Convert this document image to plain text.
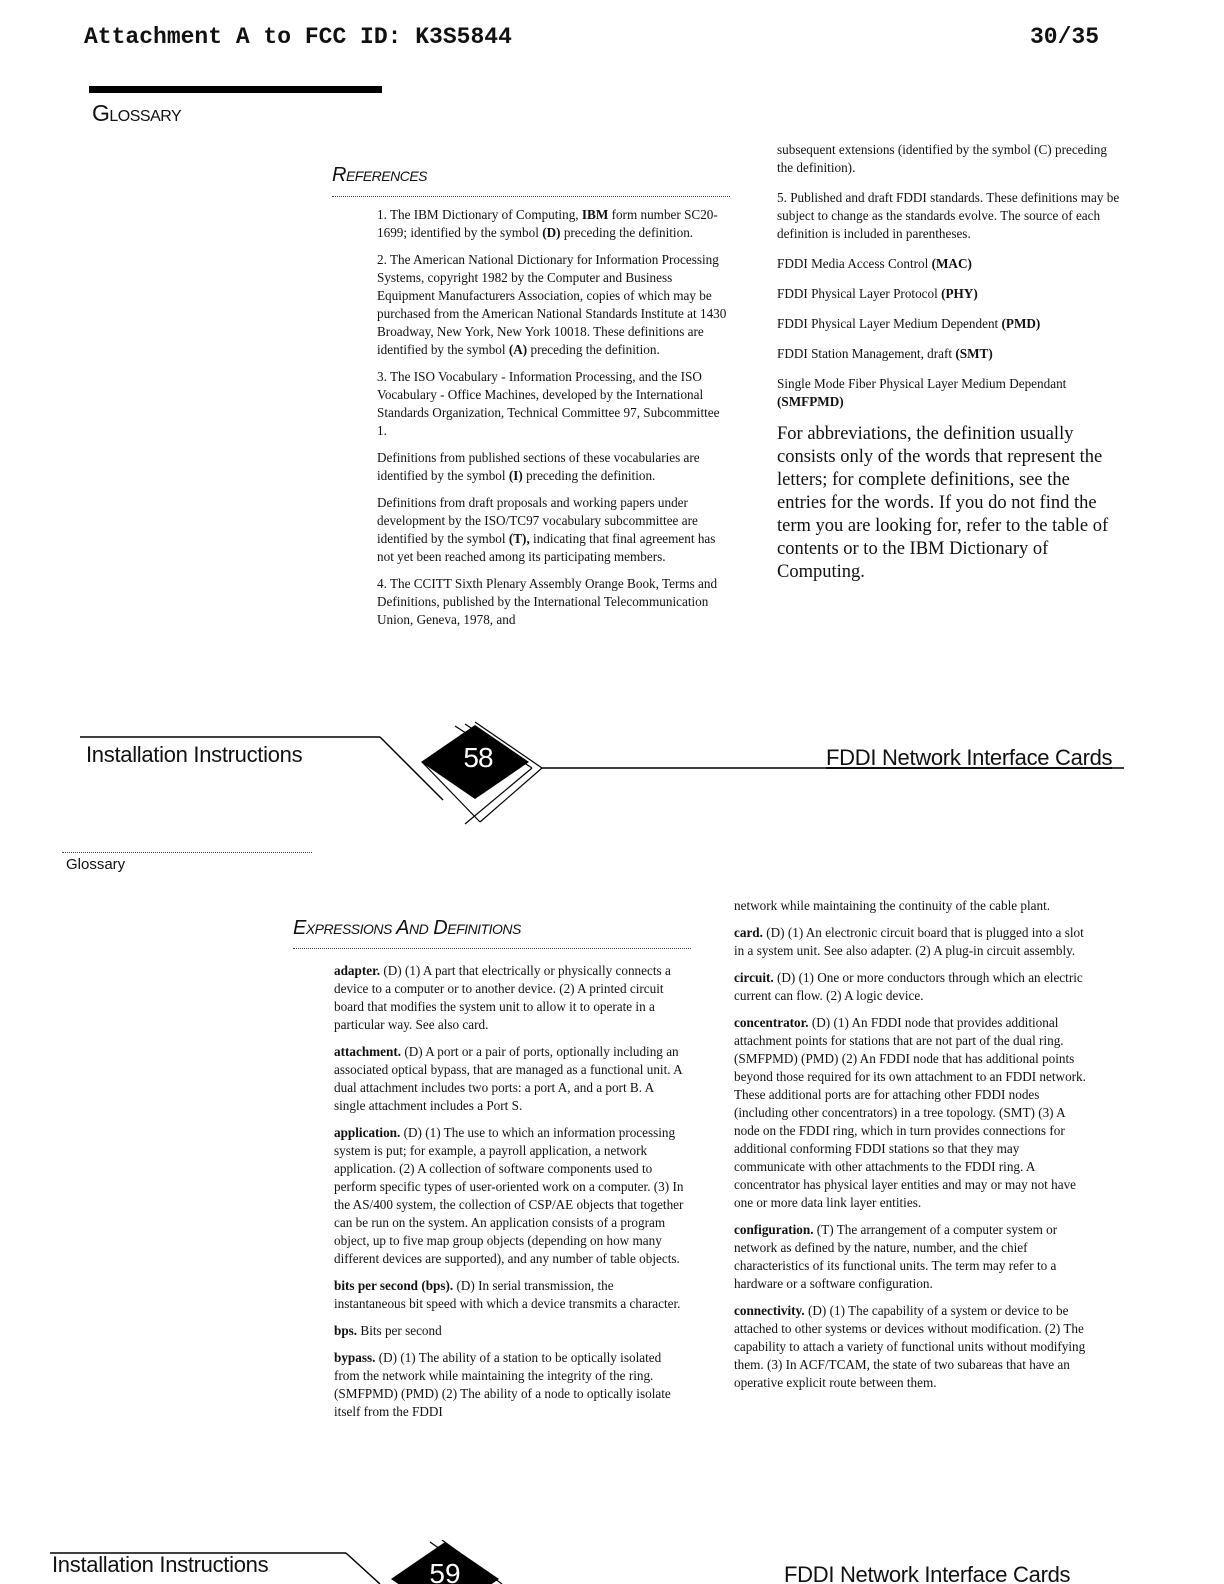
Attachment A to FCC ID: K3S5844	30/35
Glossary
References

1. The IBM Dictionary of Computing, IBM form number SC20-1699; identified by the symbol (D) preceding the definition.

2. The American National Dictionary for Information Processing Systems, copyright 1982 by the Computer and Business Equipment Manufacturers Association, copies of which may be purchased from the American National Standards Institute at 1430 Broadway, New York, New York 10018. These definitions are identified by the symbol (A) preceding the definition.

3. The ISO Vocabulary - Information Processing, and the ISO Vocabulary - Office Machines, developed by the International Standards Organization, Technical Committee 97, Subcommittee 1.

Definitions from published sections of these vocabularies are identified by the symbol (I) preceding the definition.

Definitions from draft proposals and working papers under development by the ISO/TC97 vocabulary subcommittee are identified by the symbol (T), indicating that final agreement has not yet been reached among its participating members.

4. The CCITT Sixth Plenary Assembly Orange Book, Terms and Definitions, published by the International Telecommunication Union, Geneva, 1978, and

subsequent extensions (identified by the symbol (C) preceding the definition).

5. Published and draft FDDI standards. These definitions may be subject to change as the standards evolve. The source of each definition is included in parentheses.

FDDI Media Access Control (MAC)

FDDI Physical Layer Protocol (PHY)

FDDI Physical Layer Medium Dependent (PMD)

FDDI Station Management, draft (SMT)

Single Mode Fiber Physical Layer Medium Dependant (SMFPMD)

For abbreviations, the definition usually consists only of the words that represent the letters; for complete definitions, see the entries for the words. If you do not find the term you are looking for, refer to the table of contents or to the IBM Dictionary of Computing.

Installation Instructions	58	FDDI Network Interface Cards
Glossary
Expressions And Definitions

adapter. (D) (1) A part that electrically or physically connects a device to a computer or to another device. (2) A printed circuit board that modifies the system unit to allow it to operate in a particular way. See also card.

attachment. (D) A port or a pair of ports, optionally including an associated optical bypass, that are managed as a functional unit. A dual attachment includes two ports: a port A, and a port B. A single attachment includes a Port S.

application. (D) (1) The use to which an information processing system is put; for example, a payroll application, a network application. (2) A collection of software components used to perform specific types of user-oriented work on a computer. (3) In the AS/400 system, the collection of CSP/AE objects that together can be run on the system. An application consists of a program object, up to five map group objects (depending on how many different devices are supported), and any number of table objects.

bits per second (bps). (D) In serial transmission, the instantaneous bit speed with which a device transmits a character.

bps. Bits per second

bypass. (D) (1) The ability of a station to be optically isolated from the network while maintaining the integrity of the ring. (SMFPMD) (PMD) (2) The ability of a node to optically isolate itself from the FDDI

network while maintaining the continuity of the cable plant.

card. (D) (1) An electronic circuit board that is plugged into a slot in a system unit. See also adapter. (2) A plug-in circuit assembly.

circuit. (D) (1) One or more conductors through which an electric current can flow. (2) A logic device.

concentrator. (D) (1) An FDDI node that provides additional attachment points for stations that are not part of the dual ring. (SMFPMD) (PMD) (2) An FDDI node that has additional points beyond those required for its own attachment to an FDDI network. These additional ports are for attaching other FDDI nodes (including other concentrators) in a tree topology. (SMT) (3) A node on the FDDI ring, which in turn provides connections for additional conforming FDDI stations so that they may communicate with other attachments to the FDDI ring. A concentrator has physical layer entities and may or may not have one or more data link layer entities.

configuration. (T) The arrangement of a computer system or network as defined by the nature, number, and the chief characteristics of its functional units. The term may refer to a hardware or a software configuration.

connectivity. (D) (1) The capability of a system or device to be attached to other systems or devices without modification. (2) The capability to attach a variety of functional units without modifying them. (3) In ACF/TCAM, the state of two subareas that have an operative explicit route between them.

Installation Instructions	59	FDDI Network Interface Cards
